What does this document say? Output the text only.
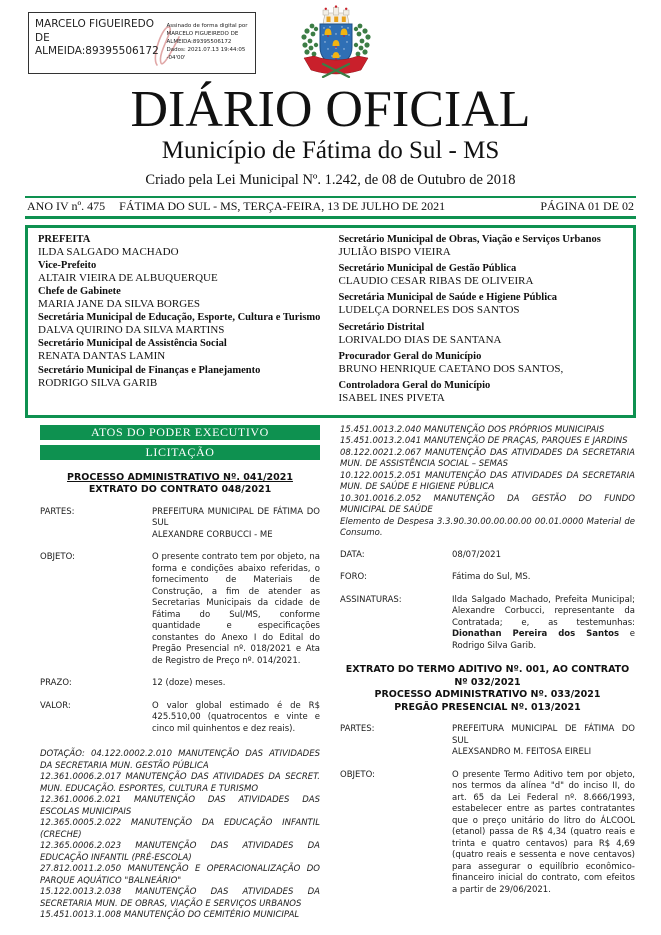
MARCELO FIGUEIREDO DE ALMEIDA:89395506172
Assinado de forma digital por MARCELO FIGUEIREDO DE ALMEIDA:89395506172 Dados: 2021.07.13 19:44:05 -04'00'
DIÁRIO OFICIAL
Município de Fátima do Sul - MS
Criado pela Lei Municipal Nº. 1.242, de 08 de Outubro de 2018
ANO IV nº. 475 FÁTIMA DO SUL - MS, TERÇA-FEIRA, 13 DE JULHO DE 2021	PÁGINA 01 DE 02
PREFEITA
ILDA SALGADO MACHADO
Vice-Prefeito
ALTAIR VIEIRA DE ALBUQUERQUE
Chefe de Gabinete
MARIA JANE DA SILVA BORGES
Secretária Municipal de Educação, Esporte, Cultura e Turismo
DALVA QUIRINO DA SILVA MARTINS
Secretário Municipal de Assistência Social
RENATA DANTAS LAMIN
Secretário Municipal de Finanças e Planejamento
RODRIGO SILVA GARIB
Secretário Municipal de Obras, Viação e Serviços Urbanos
JULIÃO BISPO VIEIRA
Secretário Municipal de Gestão Pública
CLAUDIO CESAR RIBAS DE OLIVEIRA
Secretária Municipal de Saúde e Higiene Pública
LUDELÇA DORNELES DOS SANTOS
Secretário Distrital
LORIVALDO DIAS DE SANTANA
Procurador Geral do Município
BRUNO HENRIQUE CAETANO DOS SANTOS,
Controladora Geral do Município
ISABEL INES PIVETA
ATOS DO PODER EXECUTIVO
LICITAÇÃO
PROCESSO ADMINISTRATIVO Nº. 041/2021
EXTRATO DO CONTRATO 048/2021
PARTES:	PREFEITURA MUNICIPAL DE FÁTIMA DO SUL
ALEXANDRE CORBUCCI - ME
OBJETO:	O presente contrato tem por objeto, na forma e condições abaixo referidas, o fornecimento de Materiais de Construção, a fim de atender as Secretarias Municipais da cidade de Fátima do Sul/MS, conforme quantidade e especificações constantes do Anexo I do Edital do Pregão Presencial nº. 018/2021 e Ata de Registro de Preço nº. 014/2021.
PRAZO:	12 (doze) meses.
VALOR:	O valor global estimado é de R$ 425.510,00 (quatrocentos e vinte e cinco mil quinhentos e dez reais).
DOTAÇÃO: 04.122.0002.2.010 MANUTENÇÃO DAS ATIVIDADES DA SECRETARIA MUN. GESTÃO PÚBLICA
12.361.0006.2.017 MANUTENÇÃO DAS ATIVIDADES DA SECRET. MUN. EDUCAÇÃO. ESPORTES, CULTURA E TURISMO
12.361.0006.2.021 MANUTENÇÃO DAS ATIVIDADES DAS ESCOLAS MUNICIPAIS
12.365.0005.2.022 MANUTENÇÃO DA EDUCAÇÃO INFANTIL (CRECHE)
12.365.0006.2.023 MANUTENÇÃO DAS ATIVIDADES DA EDUCAÇÃO INFANTIL (PRÉ-ESCOLA)
27.812.0011.2.050 MANUTENÇÃO E OPERACIONALIZAÇÃO DO PARQUE AQUÁTICO "BALNEÁRIO"
15.122.0013.2.038 MANUTENÇÃO DAS ATIVIDADES DA SECRETARIA MUN. DE OBRAS, VIAÇÃO E SERVIÇOS URBANOS
15.451.0013.1.008 MANUTENÇÃO DO CEMITÉRIO MUNICIPAL
15.451.0013.2.040 MANUTENÇÃO DOS PRÓPRIOS MUNICIPAIS
15.451.0013.2.041 MANUTENÇÃO DE PRAÇAS, PARQUES E JARDINS
08.122.0021.2.067 MANUTENÇÃO DAS ATIVIDADES DA SECRETARIA MUN. DE ASSISTÊNCIA SOCIAL – SEMAS
10.122.0015.2.051 MANUTENÇÃO DAS ATIVIDADES DA SECRETARIA MUN. DE SAÚDE E HIGIENE PÚBLICA
10.301.0016.2.052 MANUTENÇÃO DA GESTÃO DO FUNDO MUNICIPAL DE SAÚDE
Elemento de Despesa 3.3.90.30.00.00.00.00 00.01.0000 Material de Consumo.
DATA:	08/07/2021
FORO:	Fátima do Sul, MS.
ASSINATURAS:	Ilda Salgado Machado, Prefeita Municipal; Alexandre Corbucci, representante da Contratada; e, as testemunhas: Dionathan Pereira dos Santos e Rodrigo Silva Garib.
EXTRATO DO TERMO ADITIVO Nº. 001, AO CONTRATO Nº 032/2021
PROCESSO ADMINISTRATIVO Nº. 033/2021
PREGÃO PRESENCIAL Nº. 013/2021
PARTES:	PREFEITURA MUNICIPAL DE FÁTIMA DO SUL
ALEXSANDRO M. FEITOSA EIRELI
OBJETO:	O presente Termo Aditivo tem por objeto, nos termos da alínea "d" do inciso II, do art. 65 da Lei Federal nº. 8.666/1993, estabelecer entre as partes contratantes que o preço unitário do litro do ÁLCOOL (etanol) passa de R$ 4,34 (quatro reais e trinta e quatro centavos) para R$ 4,69 (quatro reais e sessenta e nove centavos) para assegurar o equilíbrio econômico-financeiro inicial do contrato, com efeitos a partir de 29/06/2021.
